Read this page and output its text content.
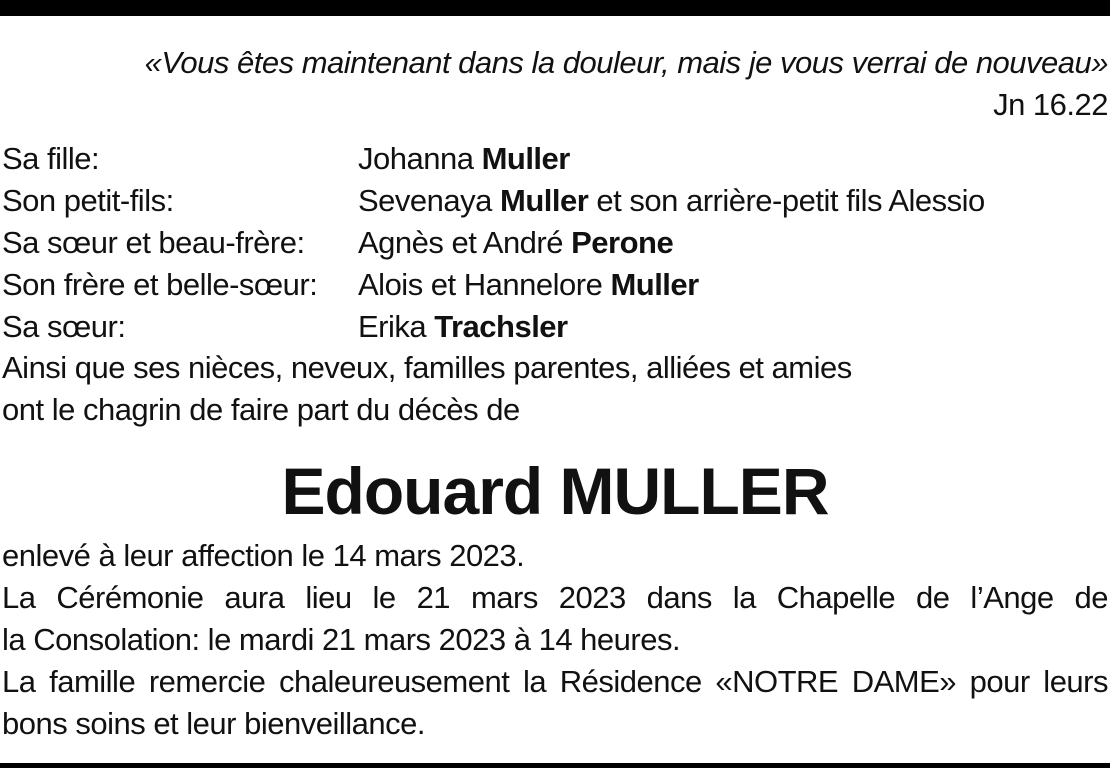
«Vous êtes maintenant dans la douleur, mais je vous verrai de nouveau»
Jn 16.22
Sa fille:	Johanna Muller
Son petit-fils:	Sevenaya Muller et son arrière-petit fils Alessio
Sa sœur et beau-frère:	Agnès et André Perone
Son frère et belle-sœur:	Alois et Hannelore Muller
Sa sœur:	Erika Trachsler
Ainsi que ses nièces, neveux, familles parentes, alliées et amies
ont le chagrin de faire part du décès de
Edouard MULLER
enlevé à leur affection le 14 mars 2023.
La Cérémonie aura lieu le 21 mars 2023 dans la Chapelle de l’Ange de
la Consolation: le mardi 21 mars 2023 à 14 heures.
La famille remercie chaleureusement la Résidence «NOTRE DAME» pour leurs
bons soins et leur bienveillance.
